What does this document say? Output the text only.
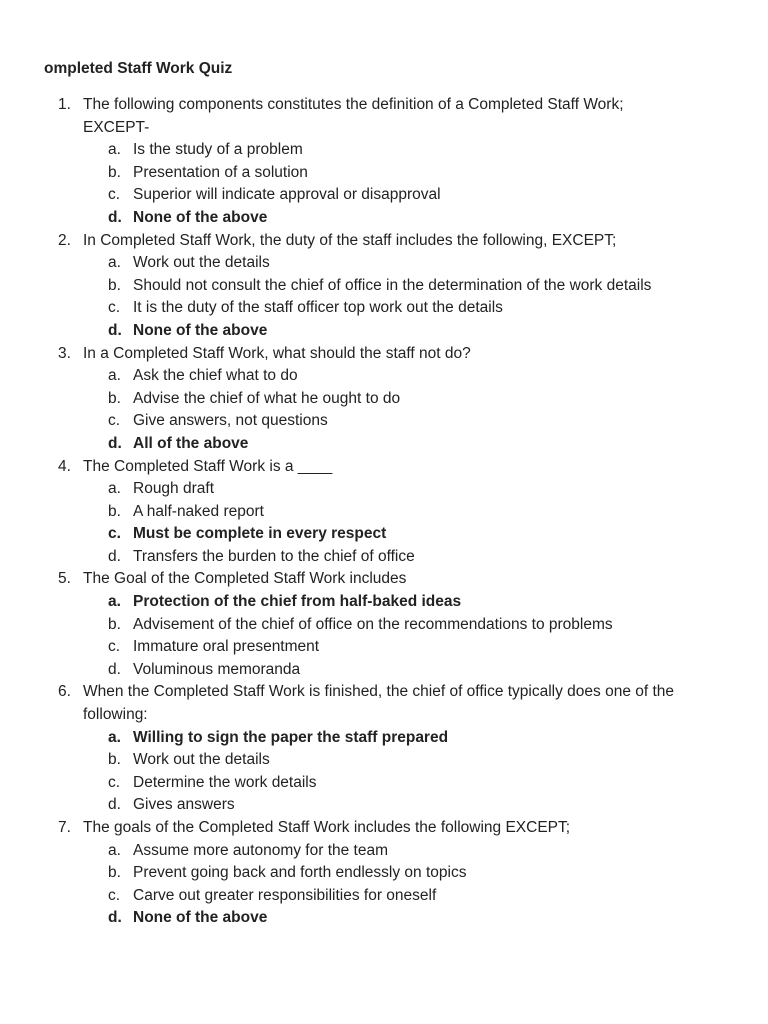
ompleted Staff Work Quiz
1. The following components constitutes the definition of a Completed Staff Work; EXCEPT-
a. Is the study of a problem
b. Presentation of a solution
c. Superior will indicate approval or disapproval
d. None of the above
2. In Completed Staff Work, the duty of the staff includes the following, EXCEPT;
a. Work out the details
b. Should not consult the chief of office in the determination of the work details
c. It is the duty of the staff officer top work out the details
d. None of the above
3. In a Completed Staff Work, what should the staff not do?
a. Ask the chief what to do
b. Advise the chief of what he ought to do
c. Give answers, not questions
d. All of the above
4. The Completed Staff Work is a ____
a. Rough draft
b. A half-naked report
c. Must be complete in every respect
d. Transfers the burden to the chief of office
5. The Goal of the Completed Staff Work includes
a. Protection of the chief from half-baked ideas
b. Advisement of the chief of office on the recommendations to problems
c. Immature oral presentment
d. Voluminous memoranda
6. When the Completed Staff Work is finished, the chief of office typically does one of the following:
a. Willing to sign the paper the staff prepared
b. Work out the details
c. Determine the work details
d. Gives answers
7. The goals of the Completed Staff Work includes the following EXCEPT;
a. Assume more autonomy for the team
b. Prevent going back and forth endlessly on topics
c. Carve out greater responsibilities for oneself
d. None of the above
